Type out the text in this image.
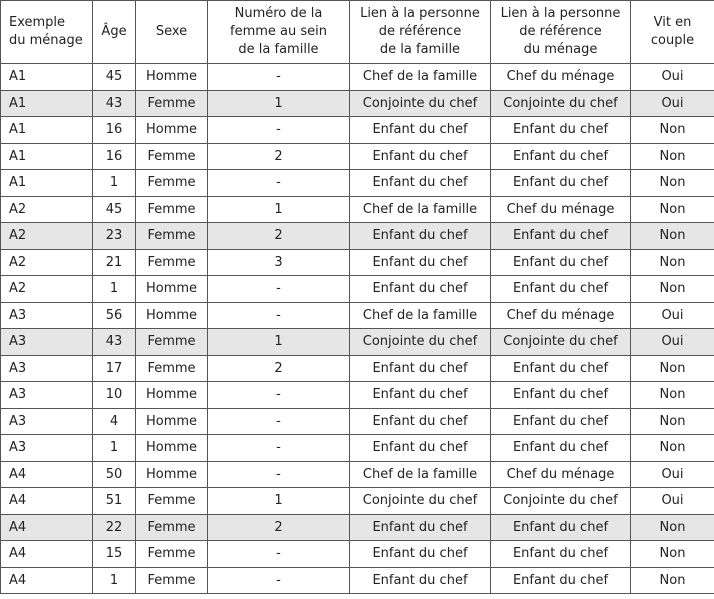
Exemple
du ménage	Âge	Sexe	Numéro de la
femme au sein
de la famille	Lien à la personne
de référence
de la famille	Lien à la personne
de référence
du ménage	Vit en
couple

A1	45	Homme	-	Chef de la famille	Chef du ménage	Oui
A1	43	Femme	1	Conjointe du chef	Conjointe du chef	Oui
A1	16	Homme	-	Enfant du chef	Enfant du chef	Non
A1	16	Femme	2	Enfant du chef	Enfant du chef	Non
A1	1	Femme	-	Enfant du chef	Enfant du chef	Non
A2	45	Femme	1	Chef de la famille	Chef du ménage	Non
A2	23	Femme	2	Enfant du chef	Enfant du chef	Non
A2	21	Femme	3	Enfant du chef	Enfant du chef	Non
A2	1	Homme	-	Enfant du chef	Enfant du chef	Non
A3	56	Homme	-	Chef de la famille	Chef du ménage	Oui
A3	43	Femme	1	Conjointe du chef	Conjointe du chef	Oui
A3	17	Femme	2	Enfant du chef	Enfant du chef	Non
A3	10	Homme	-	Enfant du chef	Enfant du chef	Non
A3	4	Homme	-	Enfant du chef	Enfant du chef	Non
A3	1	Homme	-	Enfant du chef	Enfant du chef	Non
A4	50	Homme	-	Chef de la famille	Chef du ménage	Oui
A4	51	Femme	1	Conjointe du chef	Conjointe du chef	Oui
A4	22	Femme	2	Enfant du chef	Enfant du chef	Non
A4	15	Femme	-	Enfant du chef	Enfant du chef	Non
A4	1	Femme	-	Enfant du chef	Enfant du chef	Non
